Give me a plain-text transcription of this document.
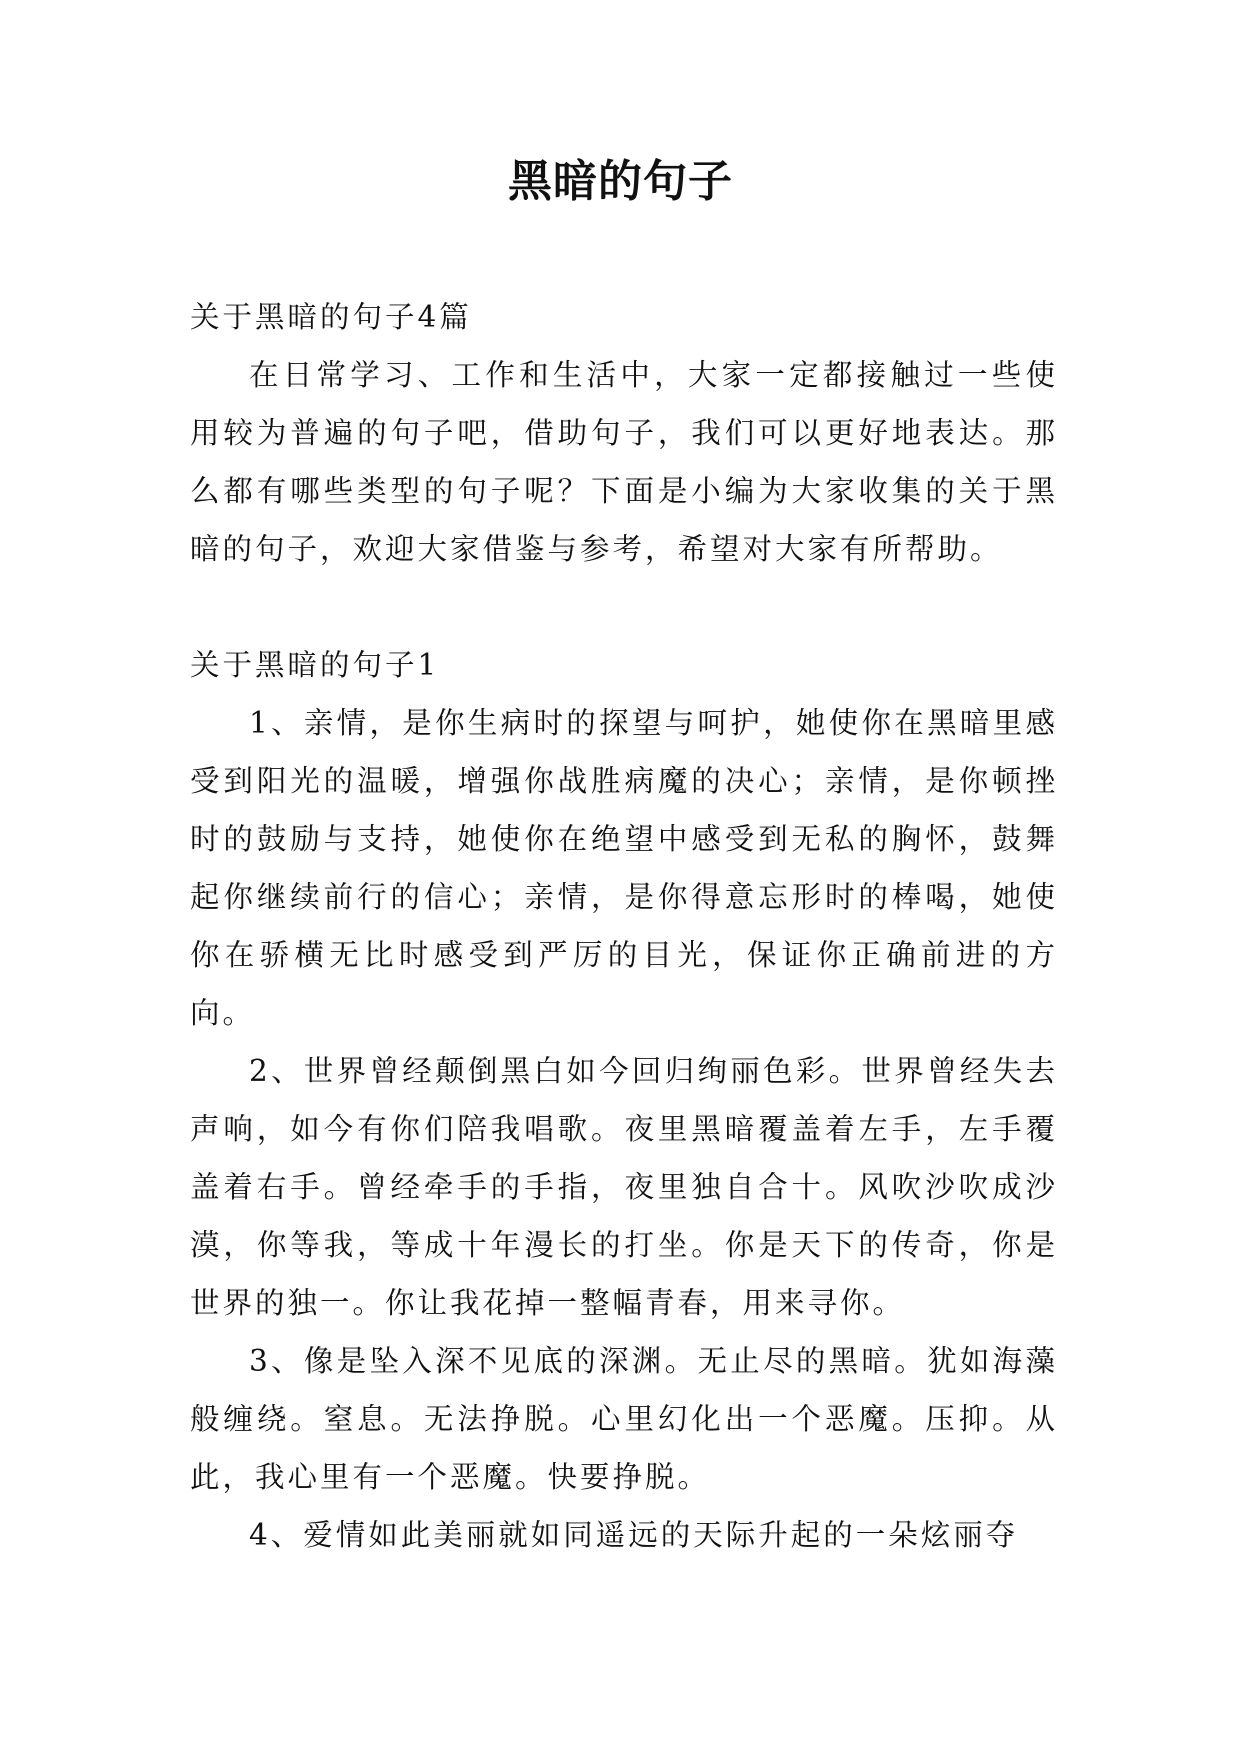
黑暗的句子

关于黑暗的句子4篇

在日常学习、工作和生活中，大家一定都接触过一些使用较为普遍的句子吧，借助句子，我们可以更好地表达。那么都有哪些类型的句子呢？下面是小编为大家收集的关于黑暗的句子，欢迎大家借鉴与参考，希望对大家有所帮助。

关于黑暗的句子1

1、亲情，是你生病时的探望与呵护，她使你在黑暗里感受到阳光的温暖，增强你战胜病魔的决心；亲情，是你顿挫时的鼓励与支持，她使你在绝望中感受到无私的胸怀，鼓舞起你继续前行的信心；亲情，是你得意忘形时的棒喝，她使你在骄横无比时感受到严厉的目光，保证你正确前进的方向。

2、世界曾经颠倒黑白如今回归绚丽色彩。世界曾经失去声响，如今有你们陪我唱歌。夜里黑暗覆盖着左手，左手覆盖着右手。曾经牵手的手指，夜里独自合十。风吹沙吹成沙漠，你等我，等成十年漫长的打坐。你是天下的传奇，你是世界的独一。你让我花掉一整幅青春，用来寻你。

3、像是坠入深不见底的深渊。无止尽的黑暗。犹如海藻般缠绕。窒息。无法挣脱。心里幻化出一个恶魔。压抑。从此，我心里有一个恶魔。快要挣脱。

4、爱情如此美丽就如同遥远的天际升起的一朵炫丽夺
